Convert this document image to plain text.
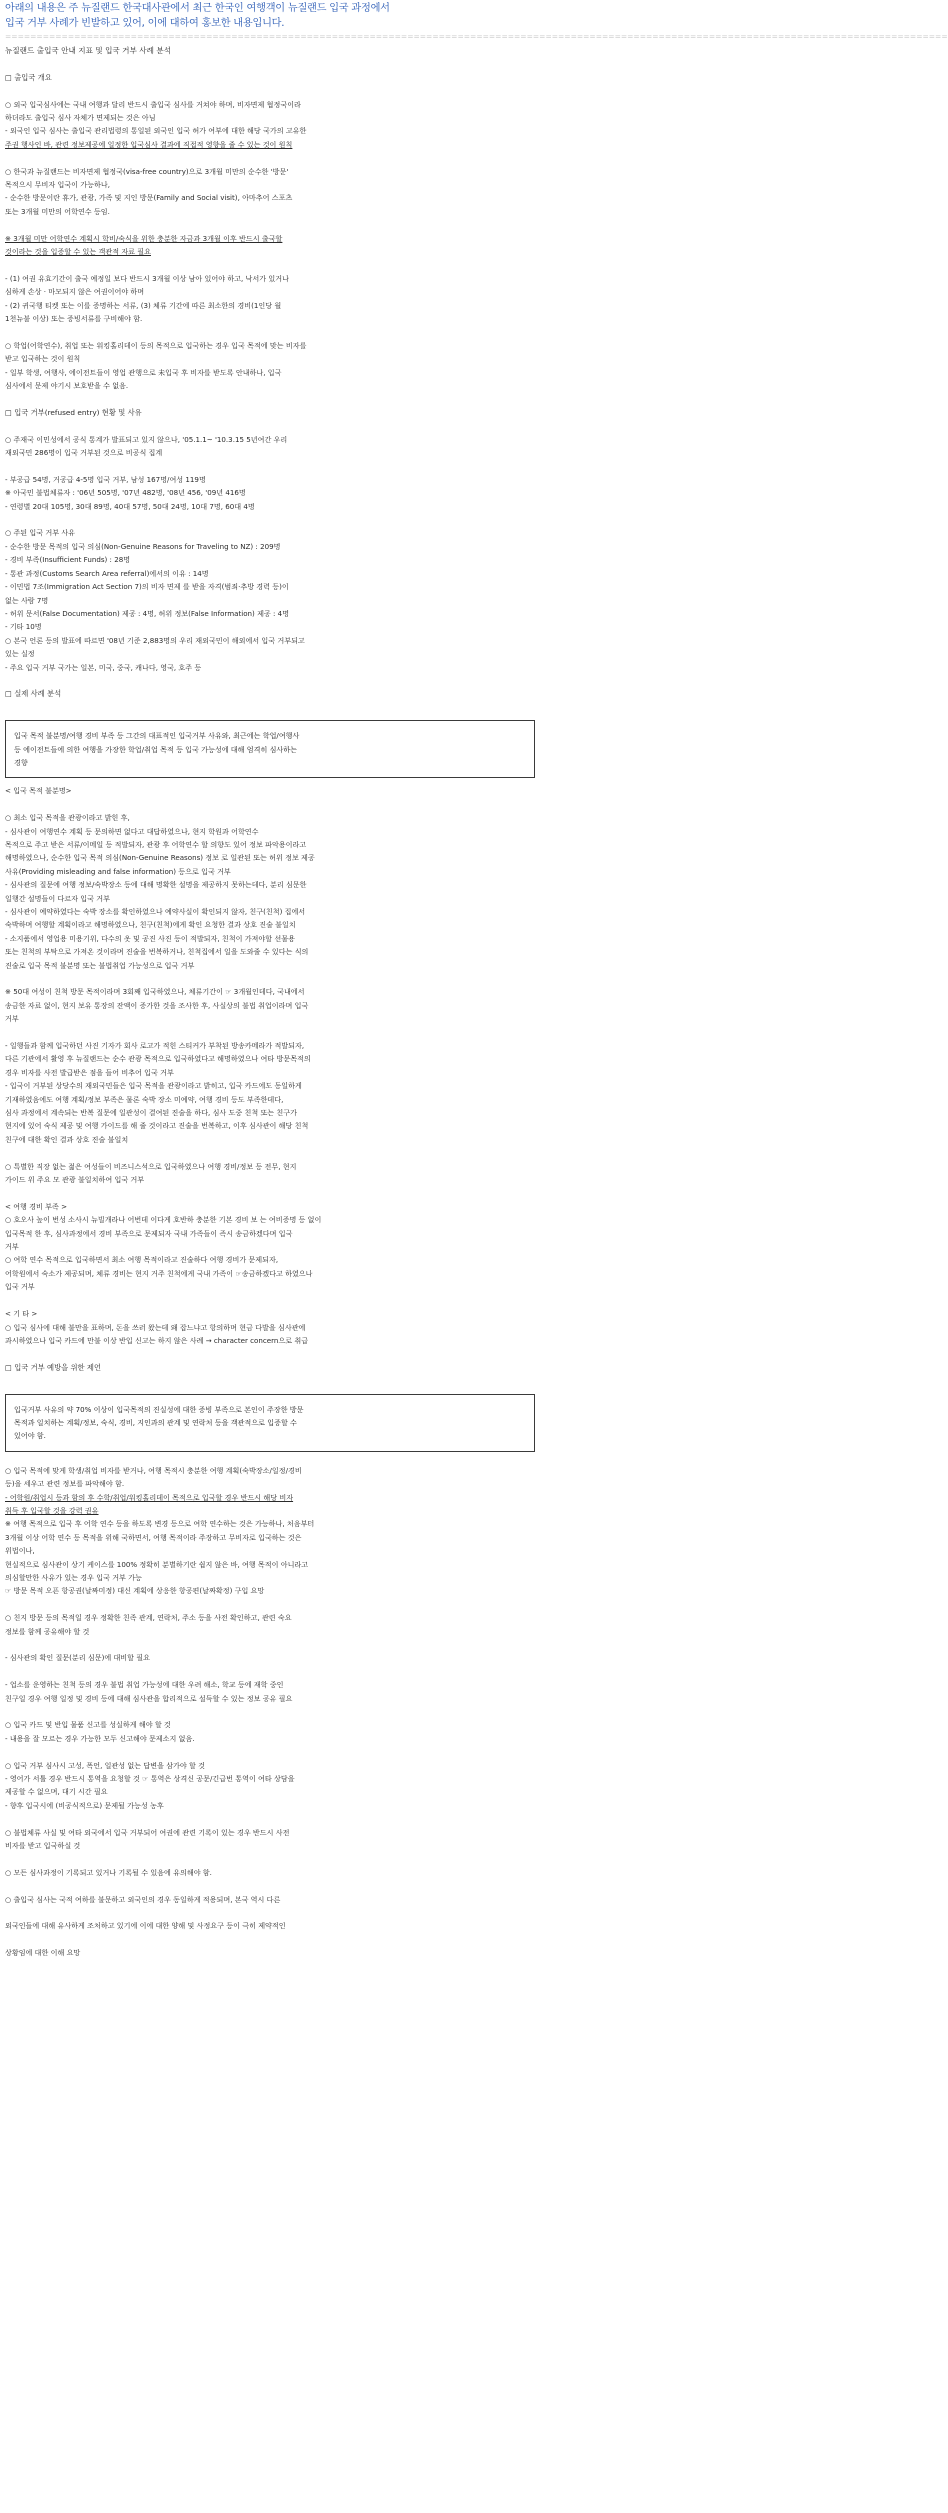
아래의 내용은 주 뉴질랜드 한국대사관에서 최근 한국인 여행객이 뉴질랜드 입국 과정에서
입국 거부 사례가 빈발하고 있어, 이에 대하여 홍보한 내용입니다.
======================================================================================================================================================
뉴질랜드 출입국 안내 지표 및 입국 거부 사례 분석
□ 출입국 개요
○ 외국 입국심사에는 국내 여행과 달리 반드시 출입국 심사를 거쳐야 하며, 비자면제 협정국이라
하더라도 출입국 심사 자체가 면제되는 것은 아님
- 외국인 입국 심사는 출입국 관리법령의 통일된 외국인 입국 허가 여부에 대한 해당 국가의 고유한
주권 행사인 바, 관련 정보제공에 일정한 입국심사 결과에 직접적 영향을 줄 수 있는 것이 원칙
○ 한국과 뉴질랜드는 비자면제 협정국(visa-free country)으로 3개월 미만의 순수한 '방문'
목적으시 무비자 입국이 가능하나,
- 순수한 방문이란 휴가, 관광, 가족 및 지인 방문(Family and Social visit), 아마추어 스포츠
또는 3개월 미만의 어학연수 등임.
※ 3개월 미만 어학연수 계획시 학비/숙식을 위한 충분한 자금과 3개월 이후 반드시 출국할
것이라는 것을 입증할 수 있는 객관적 자료 필요
- (1) 여권 유효기간이 출국 예정일 보다 반드시 3개월 이상 남아 있어야 하고, 낙서가 있거나
심하게 손상 · 마모되지 않은 여권이어야 하며
- (2) 귀국행 티켓 또는 이를 증명하는 서류, (3) 체류 기간에 따른 최소한의 경비(1인당 월
1천뉴불 이상) 또는 증빙서류를 구비해야 함.
○ 학업(어학연수), 취업 또는 워킹홀리데이 등의 목적으로 입국하는 경우 입국 목적에 맞는 비자를
받고 입국하는 것이 원칙
- 일부 학생, 여행사, 에이전트들이 영업 관행으로 未입국 후 비자를 받도록 안내하나, 입국
심사에서 문제 야기시 보호받을 수 없음.
□ 입국 거부(refused entry) 현황 및 사유
○ 주재국 이민성에서 공식 통계가 발표되고 있지 않으나, '05.1.1~ '10.3.15 5년여간 우리
재외국민 286명이 입국 거부된 것으로 비공식 집계
- 부공급 54명, 거공급 4-5명 입국 거부, 남성 167명/여성 119명
※ 아국민 불법체류자 : '06년 505명, '07년 482명, '08년 456, '09년 416명
- 연령별 20대 105명, 30대 89명, 40대 57명, 50대 24명, 10대 7명, 60대 4명
○ 주된 입국 거부 사유
- 순수한 방문 목적의 입국 의심(Non-Genuine Reasons for Traveling to NZ) : 209명
- 경비 부족(Insufficient Funds) : 28명
- 통관 과정(Customs Search Area referral)에서의 이유 : 14명
- 이민법 7조(Immigration Act Section 7)의 비자 면제 를 받을 자격(범죄·추방 경력 등)이
없는 사람 7명
- 허위 문서(False Documentation) 제공 : 4명, 허위 정보(False Information) 제공 : 4명
- 기타 10명
○ 본국 언론 등의 발표에 따르면 '08년 기준 2,883명의 우리 재외국민이 해외에서 입국 거부되고
있는 실정
- 주요 입국 거부 국가는 일본, 미국, 중국, 캐나다, 영국, 호주 등
□ 실제 사례 분석
입국 목적 불분명/여행 경비 부족 등 그간의 대표적인 입국거부 사유와, 최근에는 학업/여행사
등 에이전트들에 의한 여행을 가장한 학업/취업 목적 등 입국 가능성에 대해 엄격히 심사하는
경향
< 입국 목적 불분명>
○ 최소 입국 목적을 관광이라고 밝힌 후,
- 심사관이 여행연수 계획 등 문의하면 없다고 대답하였으나, 현지 학원과 어학연수
목적으로 주고 받은 서류/이메일 등 적발되자, 관광 후 어학연수 할 의향도 있어 정보 파악용이라고
해명하였으나, 순수한 입국 목적 의심(Non-Genuine Reasons) 정보 로 일관된 또는 허위 정보 제공
사유(Providing misleading and false information) 등으로 입국 거부
- 심사관의 질문에 여행 정보/숙박장소 등에 대해 명확한 설명을 제공하지 못하는데다, 분리 심문한
일행간 설명들이 다르자 입국 거부
- 심사관이 예약하였다는 숙박 장소를 확인하였으나 예약사실이 확인되지 않자, 친구(친척) 집에서
숙박하며 여행할 계획이라고 해명하였으나, 친구(친척)에게 확인 요청한 결과 상호 진술 불일치
- 소지품에서 영업용 미용기위, 다수의 옷 및 공진 사진 등이 적발되자, 친척이 가져야할 선물용
또는 친척의 부탁으로 가져온 것이라며 진술을 번복하거나, 친척집에서 일을 도와줄 수 있다는 식의
진술로 입국 목적 불분명 또는 불법취업 가능성으로 입국 거부
※ 50대 여성이 친척 방문 목적이라며 3회째 입국하였으나, 체류기간이 ☞ 3개월인데다, 국내에서
송금한 자료 없이, 현지 보유 통장의 잔액이 증가한 것을 조사한 후, 사실상의 불법 취업이라며 입국
거부
- 일행들과 함께 입국하던 사진 기자가 회사 로고가 적힌 스티커가 부착된 방송카메라가 적발되자,
다른 기관에서 활영 후 뉴질랜드는 순수 관광 목적으로 입국하였다고 해명하였으나 여타 방문목적의
경우 비자를 사전 발급받은 점을 들어 비추어 입국 거부
- 입국이 거부된 상당수의 재외국민들은 입국 목적을 관광이라고 밝히고, 입국 카드에도 동일하게
기재하였음에도 여행 계획/정보 부족은 물론 숙박 장소 미예약, 여행 경비 등도 부족한데다,
심사 과정에서 계속되는 반복 질문에 일관성이 결여된 진술을 하다, 심사 도중 친척 또는 친구가
현지에 있어 숙식 제공 및 여행 가이드를 해 줄 것이라고 진술을 번복하고, 이후 심사관이 해당 친척
친구에 대한 확인 결과 상호 진술 불일치
○ 특별한 직장 없는 젊은 여성들이 비즈니스석으로 입국하였으나 여행 경비/정보 등 전무, 현지
가이드 위 주요 모 관광 불일치하여 입국 거부
< 여행 경비 부족 >
○ 호오사 높이 번성 소사시 뉴빌개라나 어번데 이다게 호반하 충분한 기본 경비 보 는 여비증명 등 없이
입국목적 한 후, 심사과정에서 경비 부족으로 문제되자 국내 가족들이 즉시 송금하겠다며 입국
거부
○ 여학 연수 목적으로 입국하면서 최소 여행 목적이라고 진술하다 여행 경비가 문제되자,
어학원에서 숙소가 제공되며, 체류 경비는 현지 거주 친척에게 국내 가족이 ☞송금하겠다고 하였으나
입국 거부
< 기 타 >
○ 입국 심사에 대해 불만을 표하며, 돈을 쓰러 왔는데 왜 잡느냐고 항의하며 현금 다발을 심사관에
과시하였으나 입국 카드에 만불 이상 반입 신고는 하지 않은 사례 → character concern으로 취급
□ 입국 거부 예방을 위한 제언
입국거부 사유의 약 70% 이상이 입국목적의 진실성에 대한 증빙 부족으로 본인이 주장한 방문
목적과 일치하는 계획/정보, 숙식, 경비, 지인과의 관계 및 연락처 등을 객관적으로 입증할 수
있어야 함.
○ 입국 목적에 맞게 학생/취업 비자를 받거나, 여행 목적시 충분한 여행 계획(숙박장소/일정/경비
등)을 세우고 관련 정보를 파악해야 함.
- 어학원/취업시 등과 함의 후 수학/취업/워킹홀리데이 목적으로 입국할 경우 반드시 해당 비자
취득 후 입국할 것을 강력 권유
※ 여행 목적으로 입국 후 어학 연수 등을 하도록 변경 등으로 여학 연수하는 것은 가능하나, 처음부터
3개월 이상 어학 연수 등 목적을 위해 국하면서, 여행 목적이라 주장하고 무비자로 입국하는 것은
위법이나,
현실적으로 심사관이 상기 케이스를 100% 정확히 분별하기란 쉽지 않은 바, 여행 목적이 아니라고
의심할만한 사유가 있는 경우 입국 거부 가능
☞ 방문 목적 오픈 항공권(날짜미정) 대신 계획에 상응한 항공편(날짜확정) 구입 요망
○ 친지 방문 등의 목적일 경우 정확한 친족 관계, 연락처, 주소 등을 사전 확인하고, 관련 숙요
정보를 함께 공유해야 할 것
- 심사관의 확인 질문(분리 심문)에 대비할 필요
- 업소를 운영하는 친척 등의 경우 불법 취업 가능성에 대한 우려 해소, 학교 등에 재학 중인
친구일 경우 여행 일정 및 경비 등에 대해 심사관을 합리적으로 설득할 수 있는 정보 공유 필요
○ 입국 카드 및 반입 물품 신고를 성실하게 해야 할 것
- 내용을 잘 모르는 경우 가능한 모두 신고해야 문제소지 없음.
○ 입국 거부 심사시 고성, 폭언, 일관성 없는 답변을 삼가야 할 것
- 영어가 서툴 경우 반드시 통역을 요청할 것 ☞ 통역은 상격신 공문/긴급번 통역이 여타 상담을
제공할 수 없으며, 대기 시간 필요
- 향후 입국시에 (비공식적으로) 문제될 가능성 농후
○ 불법체류 사실 및 여타 외국에서 입국 거부되어 여권에 관련 기록이 있는 경우 반드시 사전
비자를 받고 입국하실 것
○ 모든 심사과정이 기록되고 있거나 기록될 수 있음에 유의해야 함.
○ 출입국 심사는 국적 여하를 불문하고 외국인의 경우 동일하게 적용되며, 본국 역시 다른
외국인들에 대해 유사하게 조처하고 있기에 이에 대한 양해 및 사정요구 등이 극히 제약적인
상황임에 대한 이해 요망
